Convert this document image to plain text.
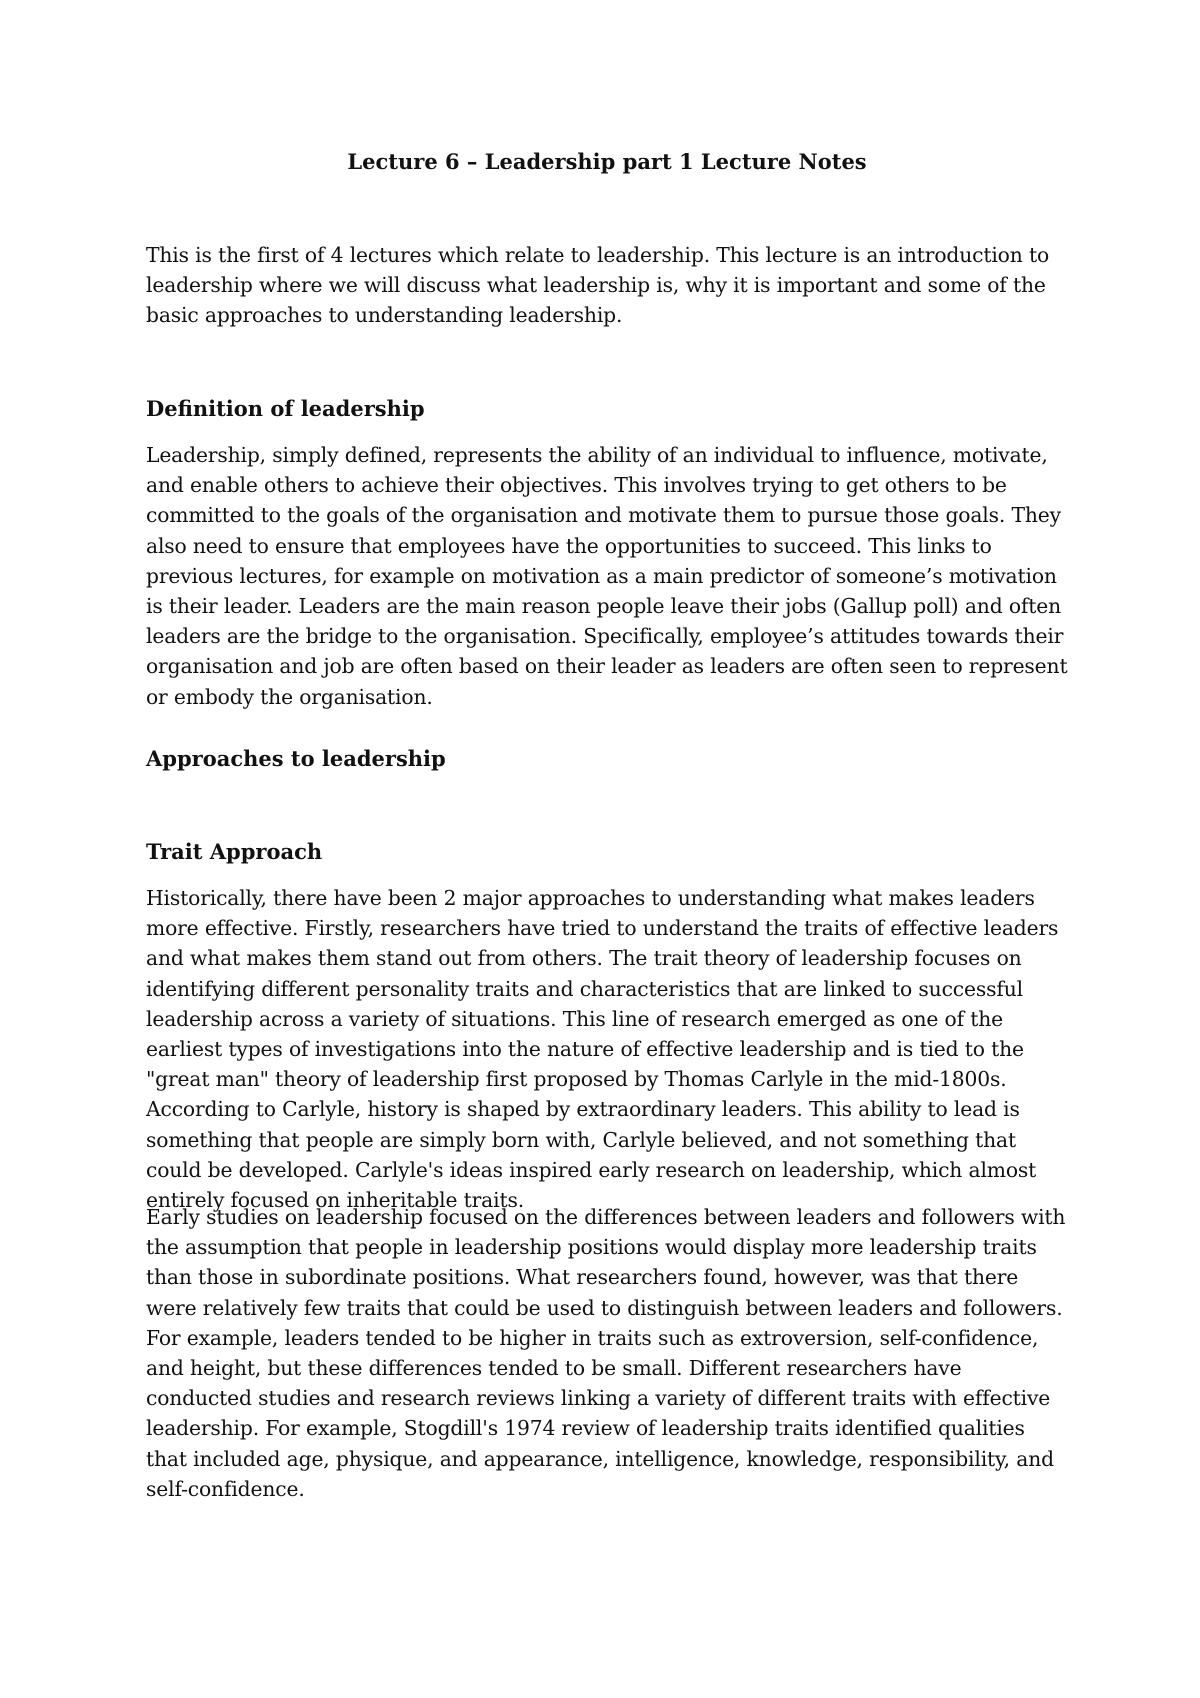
Lecture 6 – Leadership part 1 Lecture Notes

This is the first of 4 lectures which relate to leadership. This lecture is an introduction to leadership where we will discuss what leadership is, why it is important and some of the basic approaches to understanding leadership.

Definition of leadership

Leadership, simply defined, represents the ability of an individual to influence, motivate, and enable others to achieve their objectives. This involves trying to get others to be committed to the goals of the organisation and motivate them to pursue those goals. They also need to ensure that employees have the opportunities to succeed. This links to previous lectures, for example on motivation as a main predictor of someone’s motivation is their leader. Leaders are the main reason people leave their jobs (Gallup poll) and often leaders are the bridge to the organisation. Specifically, employee’s attitudes towards their organisation and job are often based on their leader as leaders are often seen to represent or embody the organisation.

Approaches to leadership
Trait Approach

Historically, there have been 2 major approaches to understanding what makes leaders more effective. Firstly, researchers have tried to understand the traits of effective leaders and what makes them stand out from others. The trait theory of leadership focuses on identifying different personality traits and characteristics that are linked to successful leadership across a variety of situations. This line of research emerged as one of the earliest types of investigations into the nature of effective leadership and is tied to the "great man" theory of leadership first proposed by Thomas Carlyle in the mid-1800s. According to Carlyle, history is shaped by extraordinary leaders. This ability to lead is something that people are simply born with, Carlyle believed, and not something that could be developed. Carlyle's ideas inspired early research on leadership, which almost entirely focused on inheritable traits.

Early studies on leadership focused on the differences between leaders and followers with the assumption that people in leadership positions would display more leadership traits than those in subordinate positions. What researchers found, however, was that there were relatively few traits that could be used to distinguish between leaders and followers. For example, leaders tended to be higher in traits such as extroversion, self-confidence, and height, but these differences tended to be small. Different researchers have conducted studies and research reviews linking a variety of different traits with effective leadership. For example, Stogdill's 1974 review of leadership traits identified qualities that included age, physique, and appearance, intelligence, knowledge, responsibility, and self-confidence.
